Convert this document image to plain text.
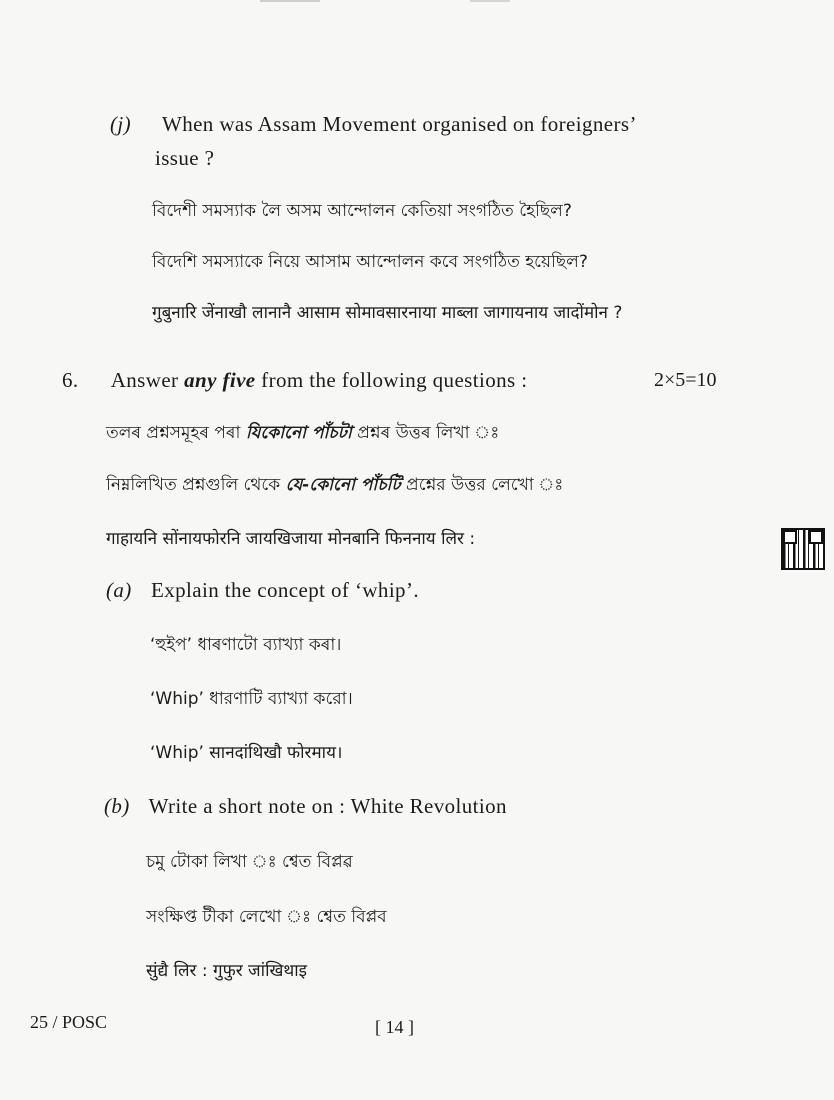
(j) When was Assam Movement organised on foreigners’
issue ?
বিদেশী সমস্যাক লৈ অসম আন্দোলন কেতিয়া সংগঠিত হৈছিল?
বিদেশি সমস্যাকে নিয়ে আসাম আন্দোলন কবে সংগঠিত হয়েছিল?
गुबुनारि जेंनाखौ लानानै आसाम सोमावसारनाया माब्ला जागायनाय जादोंमोन ?
6. Answer any five from the following questions :	2×5=10
তলৰ প্ৰশ্নসমূহৰ পৰা যিকোনো পাঁচটা প্ৰশ্নৰ উত্তৰ লিখা ঃ
নিম্নলিখিত প্রশ্নগুলি থেকে যে-কোনো পাঁচটি প্রশ্নের উত্তর লেখো ঃ
गाहायनि सोंनायफोरनि जायखिजाया मोनबानि फिननाय लिर :
(a) Explain the concept of ‘whip’.
‘হুইপ’ ধাৰণাটো ব্যাখ্যা কৰা।
‘Whip’ ধারণাটি ব্যাখ্যা করো।
‘Whip’ सानदांथिखौ फोरमाय।
(b) Write a short note on : White Revolution
চমু টোকা লিখা ঃ শ্বেত বিপ্লৱ
সংক্ষিপ্ত টীকা লেখো ঃ শ্বেত বিপ্লব
सुंद्यै लिर : गुफुर जांखिथाइ
25 / POSC	[ 14 ]
